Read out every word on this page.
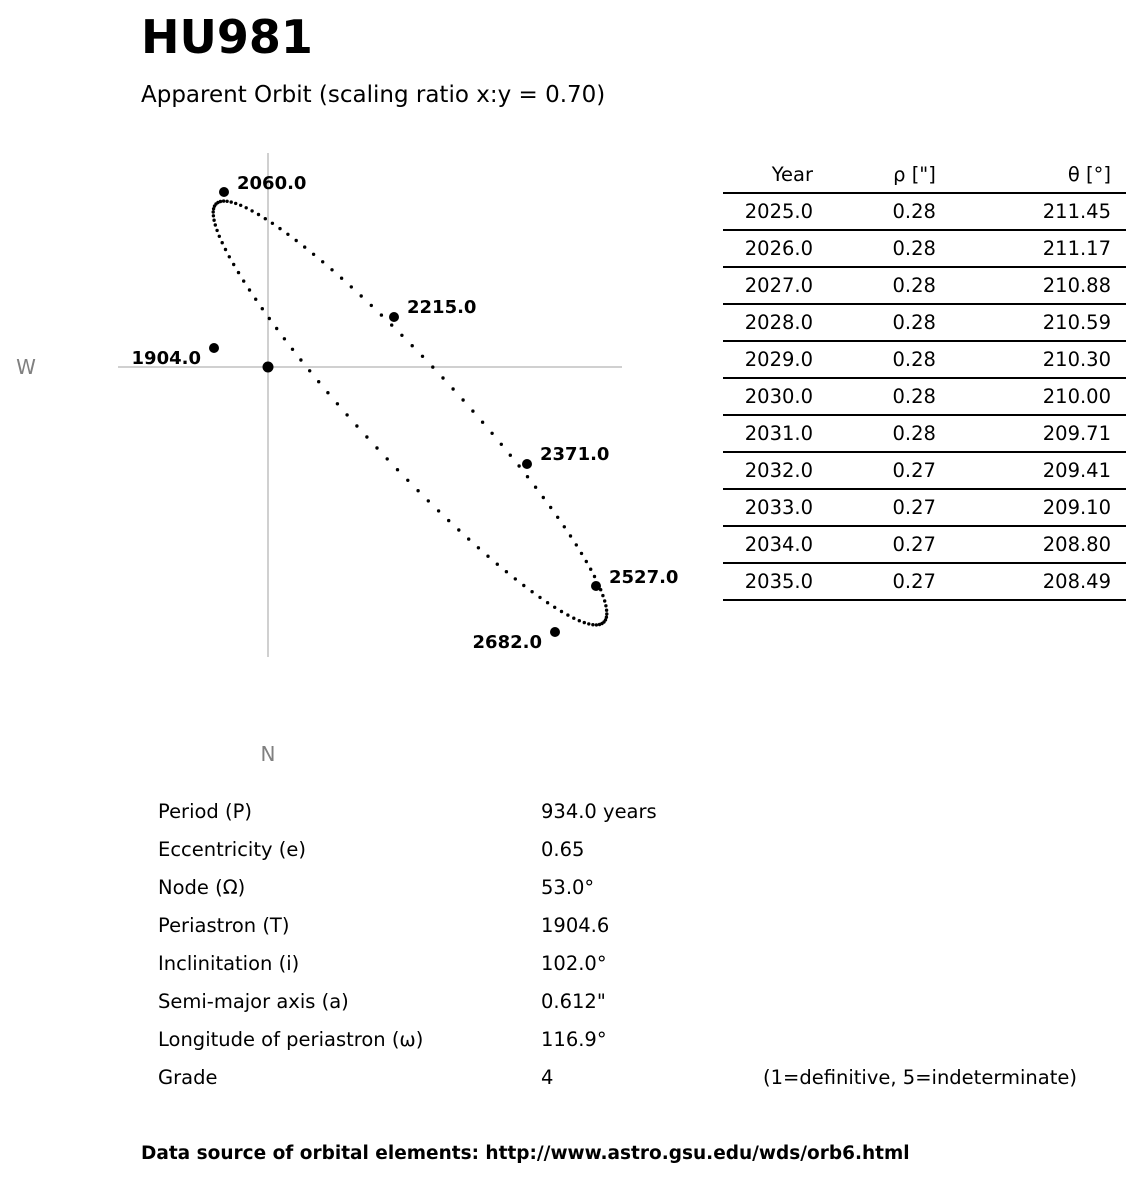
HU981
Apparent Orbit (scaling ratio x:y = 0.70)
W
N
1904.0
2060.0
2215.0
2371.0
2527.0
2682.0
Year	ρ ["]	θ [°]
2025.0	0.28	211.45
2026.0	0.28	211.17
2027.0	0.28	210.88
2028.0	0.28	210.59
2029.0	0.28	210.30
2030.0	0.28	210.00
2031.0	0.28	209.71
2032.0	0.27	209.41
2033.0	0.27	209.10
2034.0	0.27	208.80
2035.0	0.27	208.49
Period (P)	934.0 years
Eccentricity (e)	0.65
Node (Ω)	53.0°
Periastron (T)	1904.6
Inclinitation (i)	102.0°
Semi-major axis (a)	0.612"
Longitude of periastron (ω)	116.9°
Grade	4	(1=definitive, 5=indeterminate)
Data source of orbital elements: http://www.astro.gsu.edu/wds/orb6.html
